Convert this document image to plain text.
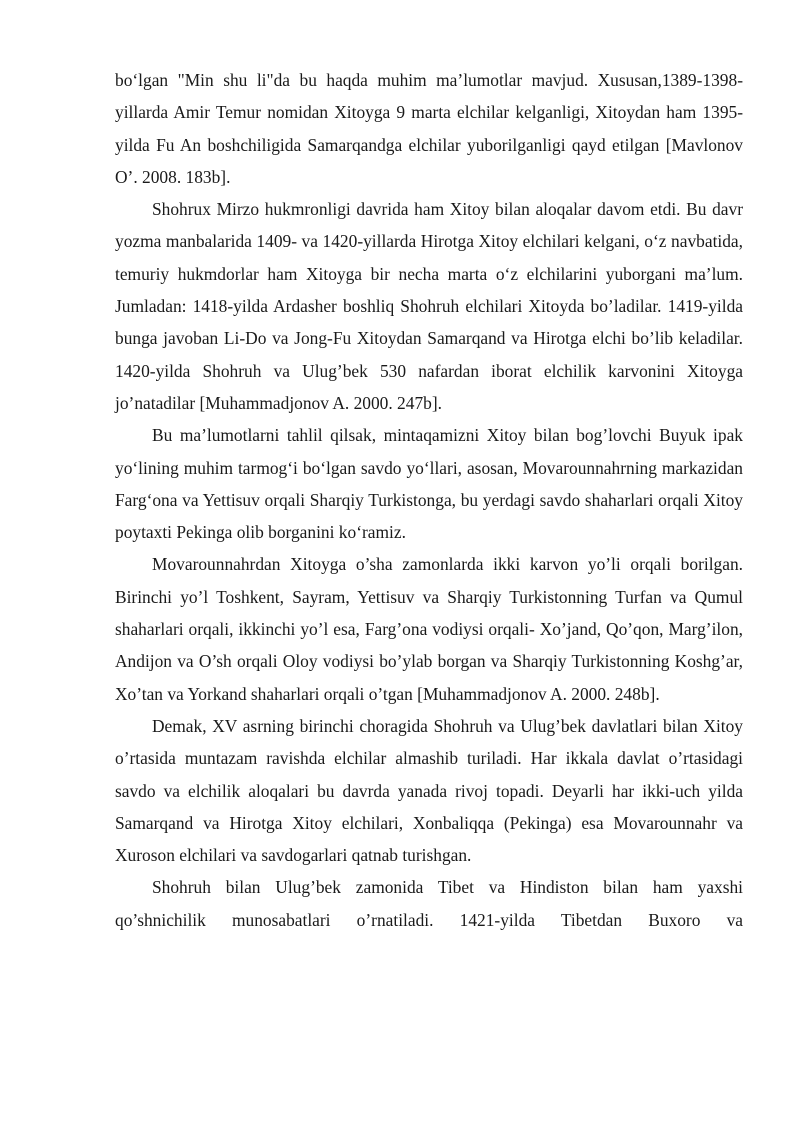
bo‘lgan "Min shu li"da bu haqda muhim ma’lumotlar mavjud. Xususan,1389-1398-yillarda Amir Temur nomidan Xitoyga 9 marta elchilar kelganligi, Xitoydan ham 1395-yilda Fu An boshchiligida Samarqandga elchilar yuborilganligi qayd etilgan [Mavlonov O’. 2008. 183b].

Shohrux Mirzo hukmronligi davrida ham Xitoy bilan aloqalar davom etdi. Bu davr yozma manbalarida 1409- va 1420-yillarda Hirotga Xitoy elchilari kelgani, o‘z navbatida, temuriy hukmdorlar ham Xitoyga bir necha marta o‘z elchilarini yuborgani ma’lum. Jumladan: 1418-yilda Ardasher boshliq Shohruh elchilari Xitoyda bo’ladilar. 1419-yilda bunga javoban Li-Do va Jong-Fu Xitoydan Samarqand va Hirotga elchi bo’lib keladilar. 1420-yilda Shohruh va Ulug’bek 530 nafardan iborat elchilik karvonini Xitoyga jo’natadilar [Muhammadjonov A. 2000. 247b].

Bu ma’lumotlarni tahlil qilsak, mintaqamizni Xitoy bilan bog’lovchi Buyuk ipak yo‘lining muhim tarmog‘i bo‘lgan savdo yo‘llari, asosan, Movarounnahrning markazidan Farg‘ona va Yettisuv orqali Sharqiy Turkistonga, bu yerdagi savdo shaharlari orqali Xitoy poytaxti Pekinga olib borganini ko‘ramiz.

Movarounnahrdan Xitoyga o’sha zamonlarda ikki karvon yo’li orqali borilgan. Birinchi yo’l Toshkent, Sayram, Yettisuv va Sharqiy Turkistonning Turfan va Qumul shaharlari orqali, ikkinchi yo’l esa, Farg’ona vodiysi orqali- Xo’jand, Qo’qon, Marg’ilon, Andijon va O’sh orqali Oloy vodiysi bo’ylab borgan va Sharqiy Turkistonning Koshg’ar, Xo’tan va Yorkand shaharlari orqali o’tgan [Muhammadjonov A. 2000. 248b].

Demak, XV asrning birinchi choragida Shohruh va Ulug’bek davlatlari bilan Xitoy o’rtasida muntazam ravishda elchilar almashib turiladi. Har ikkala davlat o’rtasidagi savdo va elchilik aloqalari bu davrda yanada rivoj topadi. Deyarli har ikki-uch yilda Samarqand va Hirotga Xitoy elchilari, Xonbaliqqa (Pekinga) esa Movarounnahr va Xuroson elchilari va savdogarlari qatnab turishgan.

Shohruh bilan Ulug’bek zamonida Tibet va Hindiston bilan ham yaxshi qo’shnichilik munosabatlari o’rnatiladi. 1421-yilda Tibetdan Buxoro va
